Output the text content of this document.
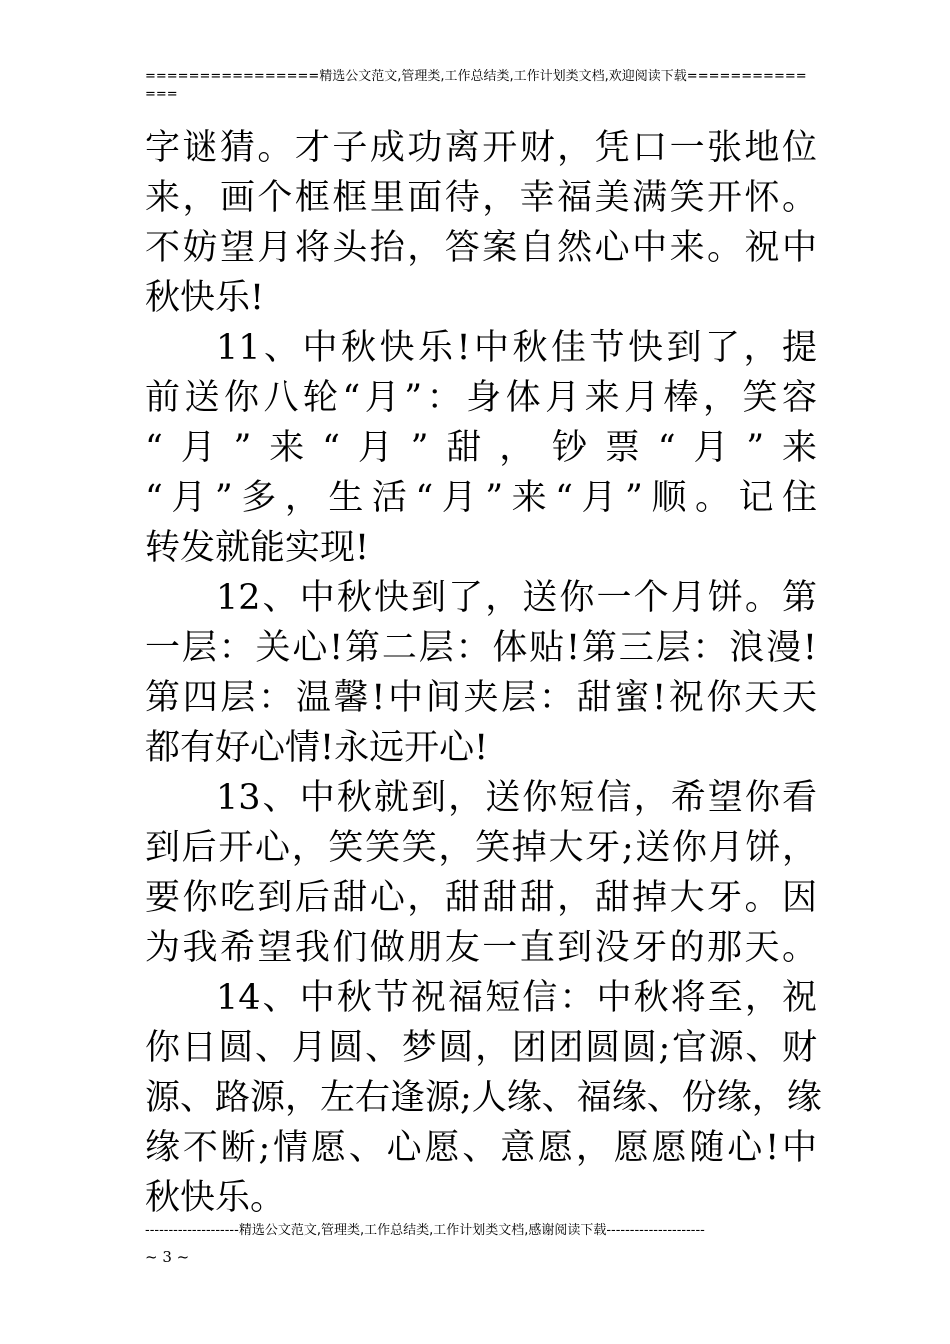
================精选公文范文,管理类,工作总结类,工作计划类文档,欢迎阅读下载==============
字谜猜。才子成功离开财，凭口一张地位
来，画个框框里面待，幸福美满笑开怀。
不妨望月将头抬，答案自然心中来。祝中
秋快乐!
11、中秋快乐!中秋佳节快到了，提
前送你八轮“月”：身体月来月棒，笑容
“月”来“月”甜，钞票“月”来
“月”多，生活“月”来“月”顺。记住
转发就能实现!
12、中秋快到了，送你一个月饼。第
一层：关心!第二层：体贴!第三层：浪漫!
第四层：温馨!中间夹层：甜蜜!祝你天天
都有好心情!永远开心!
13、中秋就到，送你短信，希望你看
到后开心，笑笑笑，笑掉大牙;送你月饼，
要你吃到后甜心，甜甜甜，甜掉大牙。因
为我希望我们做朋友一直到没牙的那天。
14、中秋节祝福短信：中秋将至，祝
你日圆、月圆、梦圆，团团圆圆;官源、财
源、路源，左右逢源;人缘、福缘、份缘，缘
缘不断;情愿、心愿、意愿，愿愿随心!中
秋快乐。
--------------------精选公文范文,管理类,工作总结类,工作计划类文档,感谢阅读下载---------------------
~ 3 ~
